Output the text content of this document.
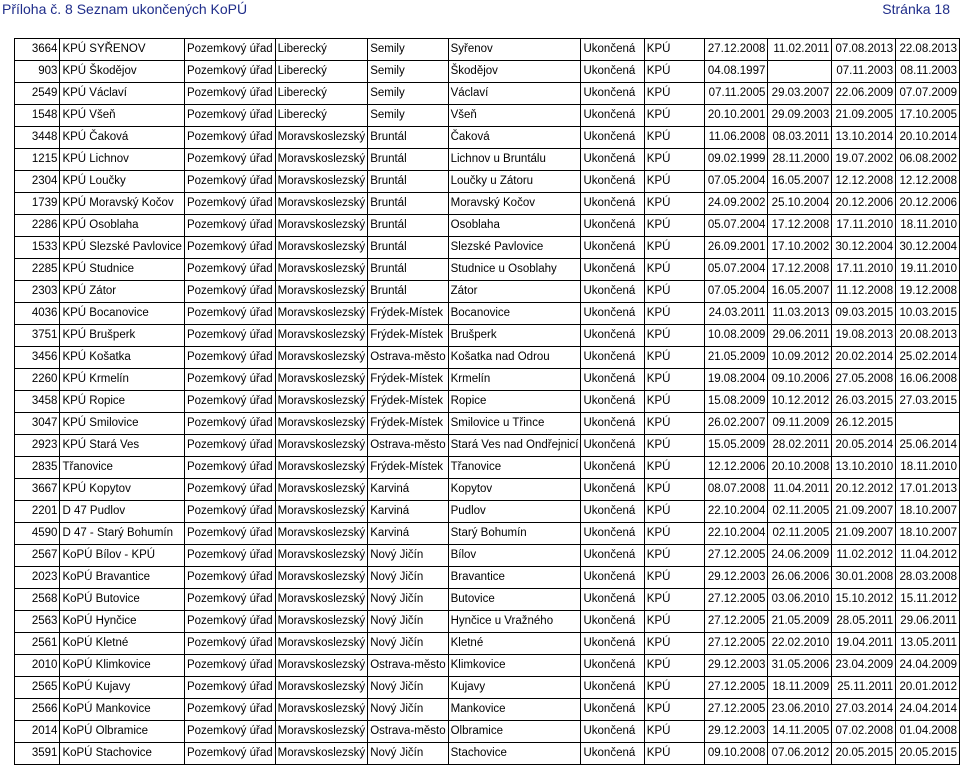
Příloha č. 8 Seznam ukončených KoPÚ	Stránka 18
3664	KPÚ SYŘENOV	Pozemkový úřad	Liberecký	Semily	Syřenov	Ukončená	KPÚ	27.12.2008	11.02.2011	07.08.2013	22.08.2013
903	KPÚ Škodějov	Pozemkový úřad	Liberecký	Semily	Škodějov	Ukončená	KPÚ	04.08.1997		07.11.2003	08.11.2003
2549	KPÚ Václaví	Pozemkový úřad	Liberecký	Semily	Václaví	Ukončená	KPÚ	07.11.2005	29.03.2007	22.06.2009	07.07.2009
1548	KPÚ Všeň	Pozemkový úřad	Liberecký	Semily	Všeň	Ukončená	KPÚ	20.10.2001	29.09.2003	21.09.2005	17.10.2005
3448	KPÚ Čaková	Pozemkový úřad	Moravskoslezský	Bruntál	Čaková	Ukončená	KPÚ	11.06.2008	08.03.2011	13.10.2014	20.10.2014
1215	KPÚ Lichnov	Pozemkový úřad	Moravskoslezský	Bruntál	Lichnov u Bruntálu	Ukončená	KPÚ	09.02.1999	28.11.2000	19.07.2002	06.08.2002
2304	KPÚ Loučky	Pozemkový úřad	Moravskoslezský	Bruntál	Loučky u Zátoru	Ukončená	KPÚ	07.05.2004	16.05.2007	12.12.2008	12.12.2008
1739	KPÚ Moravský Kočov	Pozemkový úřad	Moravskoslezský	Bruntál	Moravský Kočov	Ukončená	KPÚ	24.09.2002	25.10.2004	20.12.2006	20.12.2006
2286	KPÚ Osoblaha	Pozemkový úřad	Moravskoslezský	Bruntál	Osoblaha	Ukončená	KPÚ	05.07.2004	17.12.2008	17.11.2010	18.11.2010
1533	KPÚ Slezské Pavlovice	Pozemkový úřad	Moravskoslezský	Bruntál	Slezské Pavlovice	Ukončená	KPÚ	26.09.2001	17.10.2002	30.12.2004	30.12.2004
2285	KPÚ Studnice	Pozemkový úřad	Moravskoslezský	Bruntál	Studnice u Osoblahy	Ukončená	KPÚ	05.07.2004	17.12.2008	17.11.2010	19.11.2010
2303	KPÚ Zátor	Pozemkový úřad	Moravskoslezský	Bruntál	Zátor	Ukončená	KPÚ	07.05.2004	16.05.2007	11.12.2008	19.12.2008
4036	KPÚ Bocanovice	Pozemkový úřad	Moravskoslezský	Frýdek-Místek	Bocanovice	Ukončená	KPÚ	24.03.2011	11.03.2013	09.03.2015	10.03.2015
3751	KPÚ Brušperk	Pozemkový úřad	Moravskoslezský	Frýdek-Místek	Brušperk	Ukončená	KPÚ	10.08.2009	29.06.2011	19.08.2013	20.08.2013
3456	KPÚ Košatka	Pozemkový úřad	Moravskoslezský	Ostrava-město	Košatka nad Odrou	Ukončená	KPÚ	21.05.2009	10.09.2012	20.02.2014	25.02.2014
2260	KPÚ Krmelín	Pozemkový úřad	Moravskoslezský	Frýdek-Místek	Krmelín	Ukončená	KPÚ	19.08.2004	09.10.2006	27.05.2008	16.06.2008
3458	KPÚ Ropice	Pozemkový úřad	Moravskoslezský	Frýdek-Místek	Ropice	Ukončená	KPÚ	15.08.2009	10.12.2012	26.03.2015	27.03.2015
3047	KPÚ Smilovice	Pozemkový úřad	Moravskoslezský	Frýdek-Místek	Smilovice u Třince	Ukončená	KPÚ	26.02.2007	09.11.2009	26.12.2015	
2923	KPÚ Stará Ves	Pozemkový úřad	Moravskoslezský	Ostrava-město	Stará Ves nad Ondřejnicí	Ukončená	KPÚ	15.05.2009	28.02.2011	20.05.2014	25.06.2014
2835	Třanovice	Pozemkový úřad	Moravskoslezský	Frýdek-Místek	Třanovice	Ukončená	KPÚ	12.12.2006	20.10.2008	13.10.2010	18.11.2010
3667	KPÚ Kopytov	Pozemkový úřad	Moravskoslezský	Karviná	Kopytov	Ukončená	KPÚ	08.07.2008	11.04.2011	20.12.2012	17.01.2013
2201	D 47 Pudlov	Pozemkový úřad	Moravskoslezský	Karviná	Pudlov	Ukončená	KPÚ	22.10.2004	02.11.2005	21.09.2007	18.10.2007
4590	D 47 - Starý Bohumín	Pozemkový úřad	Moravskoslezský	Karviná	Starý Bohumín	Ukončená	KPÚ	22.10.2004	02.11.2005	21.09.2007	18.10.2007
2567	KoPÚ Bílov - KPÚ	Pozemkový úřad	Moravskoslezský	Nový Jičín	Bílov	Ukončená	KPÚ	27.12.2005	24.06.2009	11.02.2012	11.04.2012
2023	KoPÚ Bravantice	Pozemkový úřad	Moravskoslezský	Nový Jičín	Bravantice	Ukončená	KPÚ	29.12.2003	26.06.2006	30.01.2008	28.03.2008
2568	KoPÚ Butovice	Pozemkový úřad	Moravskoslezský	Nový Jičín	Butovice	Ukončená	KPÚ	27.12.2005	03.06.2010	15.10.2012	15.11.2012
2563	KoPÚ Hynčice	Pozemkový úřad	Moravskoslezský	Nový Jičín	Hynčice u Vražného	Ukončená	KPÚ	27.12.2005	21.05.2009	28.05.2011	29.06.2011
2561	KoPÚ Kletné	Pozemkový úřad	Moravskoslezský	Nový Jičín	Kletné	Ukončená	KPÚ	27.12.2005	22.02.2010	19.04.2011	13.05.2011
2010	KoPÚ Klimkovice	Pozemkový úřad	Moravskoslezský	Ostrava-město	Klimkovice	Ukončená	KPÚ	29.12.2003	31.05.2006	23.04.2009	24.04.2009
2565	KoPÚ Kujavy	Pozemkový úřad	Moravskoslezský	Nový Jičín	Kujavy	Ukončená	KPÚ	27.12.2005	18.11.2009	25.11.2011	20.01.2012
2566	KoPÚ Mankovice	Pozemkový úřad	Moravskoslezský	Nový Jičín	Mankovice	Ukončená	KPÚ	27.12.2005	23.06.2010	27.03.2014	24.04.2014
2014	KoPÚ Olbramice	Pozemkový úřad	Moravskoslezský	Ostrava-město	Olbramice	Ukončená	KPÚ	29.12.2003	14.11.2005	07.02.2008	01.04.2008
3591	KoPÚ Stachovice	Pozemkový úřad	Moravskoslezský	Nový Jičín	Stachovice	Ukončená	KPÚ	09.10.2008	07.06.2012	20.05.2015	20.05.2015
